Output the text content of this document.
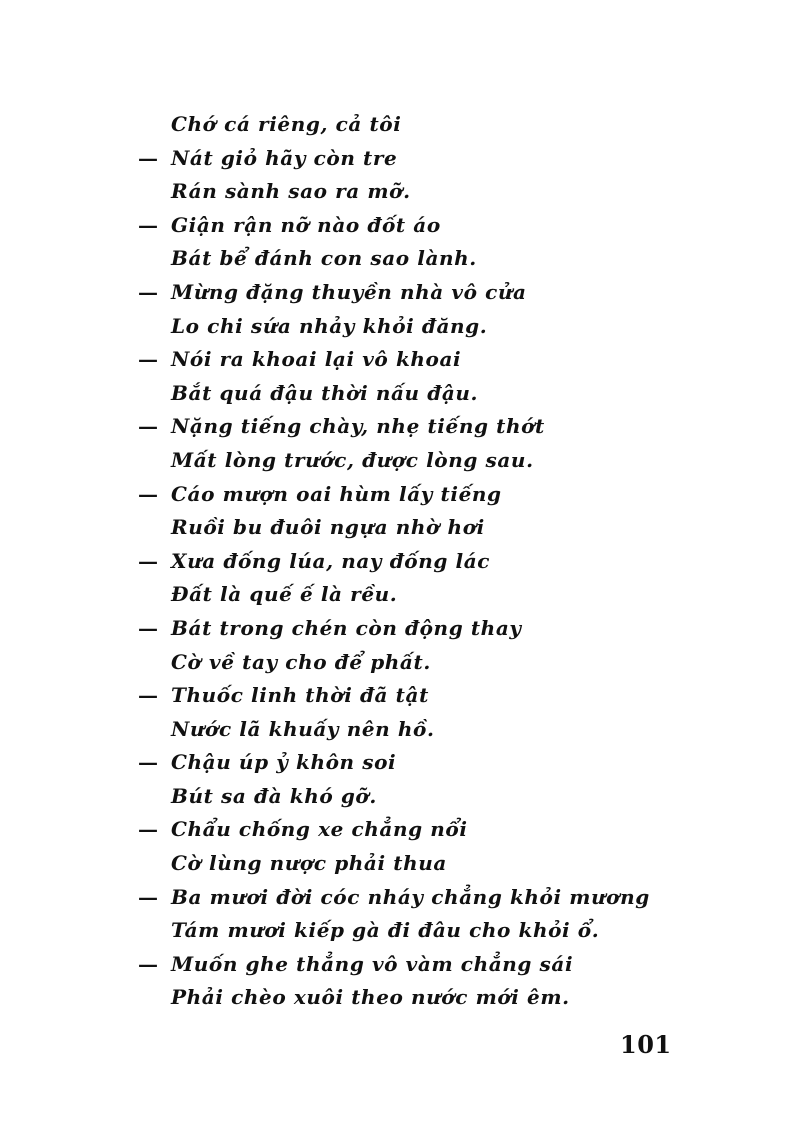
Chớ cá riêng, cả tôi
— Nát giỏ hãy còn tre
Rán sành sao ra mỡ.
— Giận rận nỡ nào đốt áo
Bát bể đánh con sao lành.
— Mừng đặng thuyền nhà vô cửa
Lo chi sứa nhảy khỏi đăng.
— Nói ra khoai lại vô khoai
Bắt quá đậu thời nấu đậu.
— Nặng tiếng chày, nhẹ tiếng thớt
Mất lòng trước, được lòng sau.
— Cáo mượn oai hùm lấy tiếng
Ruồi bu đuôi ngựa nhờ hơi
— Xưa đống lúa, nay đống lác
Đất là quế ế là rều.
— Bát trong chén còn động thay
Cờ về tay cho để phất.
— Thuốc linh thời đã tật
Nước lã khuấy nên hồ.
— Chậu úp ỷ khôn soi
Bút sa đà khó gỡ.
— Chẩu chống xe chẳng nổi
Cờ lùng nược phải thua
— Ba mươi đời cóc nháy chẳng khỏi mương
Tám mươi kiếp gà đi đâu cho khỏi ổ.
— Muốn ghe thẳng vô vàm chẳng sái
Phải chèo xuôi theo nước mới êm.
101
